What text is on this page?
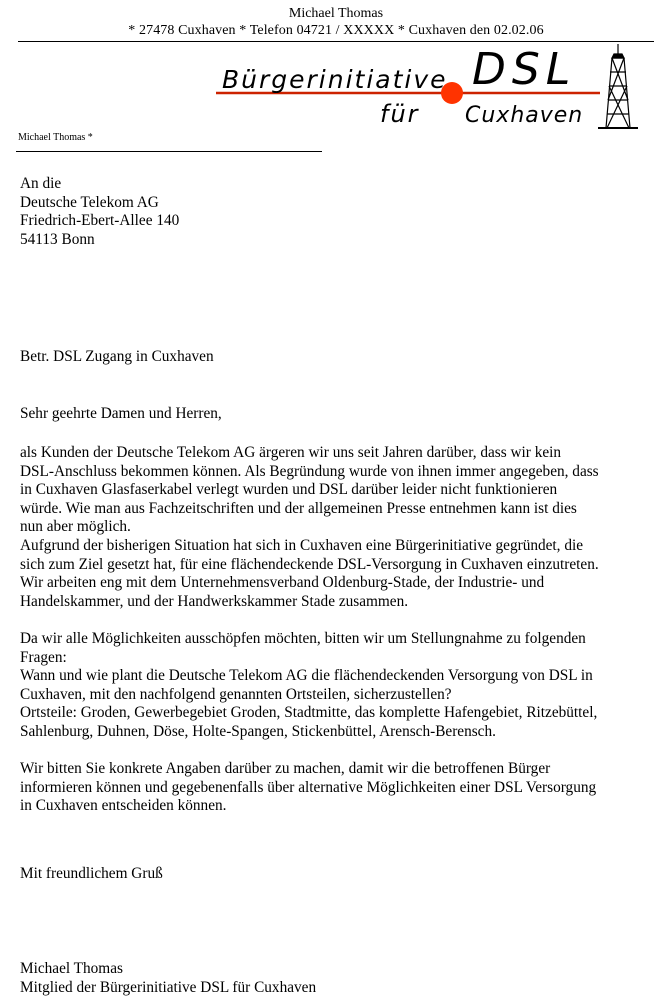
Michael Thomas
* 27478 Cuxhaven * Telefon 04721 / XXXXX * Cuxhaven den 02.02.06
Bürgerinitiative
für Cuxhaven
DSL
Michael Thomas *
An die
Deutsche Telekom AG
Friedrich-Ebert-Allee 140
54113 Bonn
Betr. DSL Zugang in Cuxhaven
Sehr geehrte Damen und Herren,

als Kunden der Deutsche Telekom AG ärgeren wir uns seit Jahren darüber, dass wir kein
DSL-Anschluss bekommen können. Als Begründung wurde von ihnen immer angegeben, dass
in Cuxhaven Glasfaserkabel verlegt wurden und DSL darüber leider nicht funktionieren
würde. Wie man aus Fachzeitschriften und der allgemeinen Presse entnehmen kann ist dies
nun aber möglich.
Aufgrund der bisherigen Situation hat sich in Cuxhaven eine Bürgerinitiative gegründet, die
sich zum Ziel gesetzt hat, für eine flächendeckende DSL-Versorgung in Cuxhaven einzutreten.
Wir arbeiten eng mit dem Unternehmensverband Oldenburg-Stade, der Industrie- und
Handelskammer, und der Handwerkskammer Stade zusammen.

Da wir alle Möglichkeiten ausschöpfen möchten, bitten wir um Stellungnahme zu folgenden
Fragen:
Wann und wie plant die Deutsche Telekom AG die flächendeckenden Versorgung von DSL in
Cuxhaven, mit den nachfolgend genannten Ortsteilen, sicherzustellen?
Ortsteile: Groden, Gewerbegebiet Groden, Stadtmitte, das komplette Hafengebiet, Ritzebüttel,
Sahlenburg, Duhnen, Döse, Holte-Spangen, Stickenbüttel, Arensch-Berensch.

Wir bitten Sie konkrete Angaben darüber zu machen, damit wir die betroffenen Bürger
informieren können und gegebenenfalls über alternative Möglichkeiten einer DSL Versorgung
in Cuxhaven entscheiden können.

Mit freundlichem Gruß
Michael Thomas
Mitglied der Bürgerinitiative DSL für Cuxhaven
